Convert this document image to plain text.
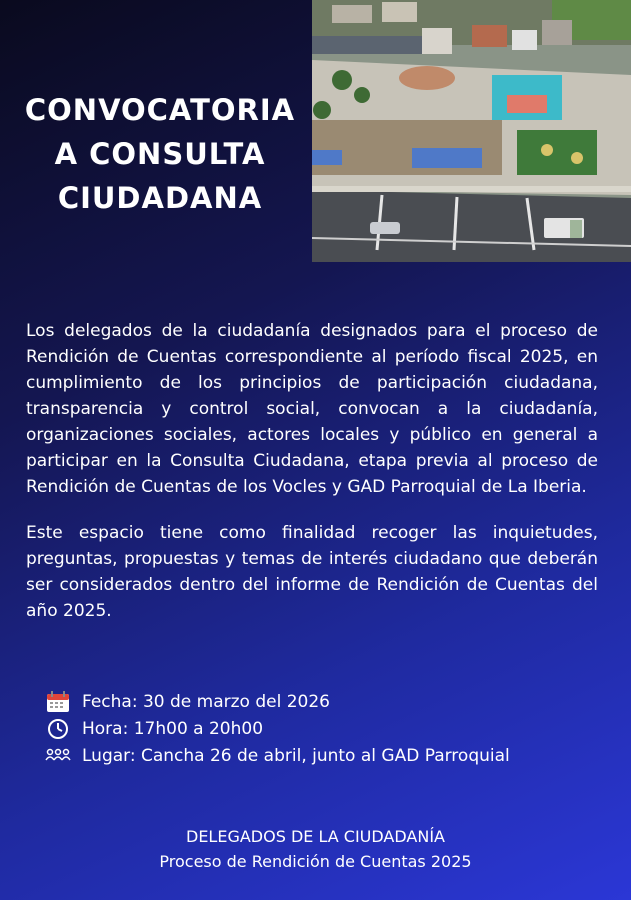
CONVOCATORIA
A CONSULTA
CIUDADANA

Los delegados de la ciudadanía designados para el proceso de Rendición de Cuentas correspondiente al período fiscal 2025, en cumplimiento de los principios de participación ciudadana, transparencia y control social, convocan a la ciudadanía, organizaciones sociales, actores locales y público en general a participar en la Consulta Ciudadana, etapa previa al proceso de Rendición de Cuentas de los Vocles y GAD Parroquial de La Iberia.

Este espacio tiene como finalidad recoger las inquietudes, preguntas, propuestas y temas de interés ciudadano que deberán ser considerados dentro del informe de Rendición de Cuentas del año 2025.

Fecha: 30 de marzo del 2026
Hora: 17h00 a 20h00
Lugar: Cancha 26 de abril, junto al GAD Parroquial
DELEGADOS DE LA CIUDADANÍA
Proceso de Rendición de Cuentas 2025
